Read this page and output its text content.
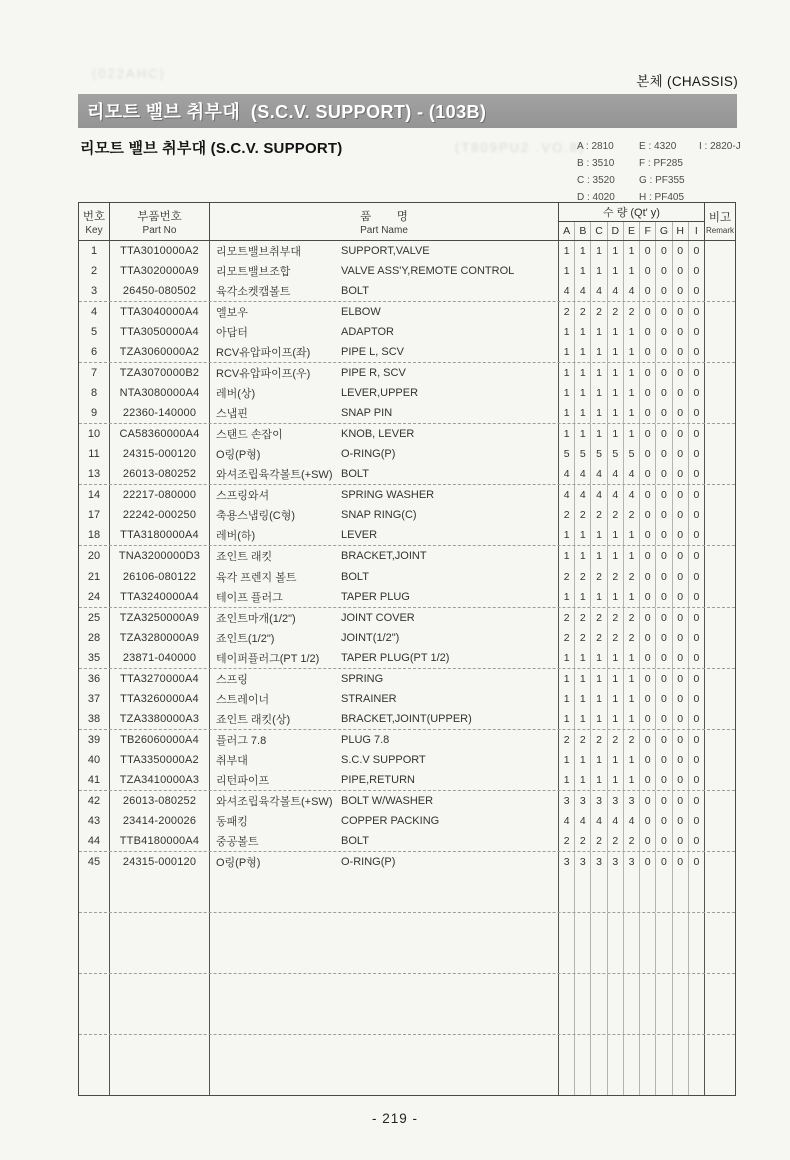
(022AHC)
본체 (CHASSIS)
리모트 밸브 취부대  (S.C.V. SUPPORT) - (103B)
리모트 밸브 취부대 (S.C.V. SUPPORT)	(T809PU2 .VO.8)
A : 2810	E : 4320	I : 2820-J
B : 3510	F : PF285
C : 3520	G : PF355
D : 4020	H : PF405
번호
Key
부품번호
Part No
품        명
Part Name
수 량 (Qt' y)
A B C D E F G H	I
비고
Remark
1	TTA3010000A2	리모트밸브취부대	SUPPORT,VALVE	1 1 1 1 1 0 0 0 0
2	TTA3020000A9	리모트밸브조합	VALVE ASS'Y,REMOTE CONTROL	1 1 1 1 1 0 0 0 0
3	26450-080502	육각소켓캡볼트	BOLT	4 4 4 4 4 0 0 0 0
4	TTA3040000A4	엘보우	ELBOW	2 2 2 2 2 0 0 0 0
5	TTA3050000A4	아답터	ADAPTOR	1 1 1 1 1 0 0 0 0
6	TZA3060000A2	RCV유압파이프(좌)	PIPE L, SCV	1 1 1 1 1 0 0 0 0
7	TZA3070000B2	RCV유압파이프(우)	PIPE R, SCV	1 1 1 1 1 0 0 0 0
8	NTA3080000A4	레버(상)	LEVER,UPPER	1 1 1 1 1 0 0 0 0
9	22360-140000	스냅핀	SNAP PIN	1 1 1 1 1 0 0 0 0
10	CA58360000A4	스탠드 손잡이	KNOB, LEVER	1 1 1 1 1 0 0 0 0
11	24315-000120	O링(P형)	O-RING(P)	5 5 5 5 5 0 0 0 0
13	26013-080252	와셔조립육각볼트(+SW) BOLT	4 4 4 4 4 0 0 0 0
14	22217-080000	스프링와셔	SPRING WASHER	4 4 4 4 4 0 0 0 0
17	22242-000250	축용스냅링(C형)	SNAP RING(C)	2 2 2 2 2 0 0 0 0
18	TTA3180000A4	레버(하)	LEVER	1 1 1 1 1 0 0 0 0
20	TNA3200000D3	죠인트 래킷	BRACKET,JOINT	1 1 1 1 1 0 0 0 0
21	26106-080122	육각 프렌지 볼트	BOLT	2 2 2 2 2 0 0 0 0
24	TTA3240000A4	테이프 플러그	TAPER PLUG	1 1 1 1 1 0 0 0 0
25	TZA3250000A9	죠인트마개(1/2")	JOINT COVER	2 2 2 2 2 0 0 0 0
28	TZA3280000A9	죠인트(1/2")	JOINT(1/2")	2 2 2 2 2 0 0 0 0
35	23871-040000	테이퍼플러그(PT 1/2)	TAPER PLUG(PT 1/2)	1 1 1 1 1 0 0 0 0
36	TTA3270000A4	스프링	SPRING	1 1 1 1 1 0 0 0 0
37	TTA3260000A4	스트레이너	STRAINER	1 1 1 1 1 0 0 0 0
38	TZA3380000A3	죠인트 래킷(상)	BRACKET,JOINT(UPPER)	1 1 1 1 1 0 0 0 0
39	TB26060000A4	플러그 7.8	PLUG 7.8	2 2 2 2 2 0 0 0 0
40	TTA3350000A2	취부대	S.C.V SUPPORT	1 1 1 1 1 0 0 0 0
41	TZA3410000A3	리턴파이프	PIPE,RETURN	1 1 1 1 1 0 0 0 0
42	26013-080252	와셔조립육각볼트(+SW) BOLT W/WASHER	3 3 3 3 3 0 0 0 0
43	23414-200026	동패킹	COPPER PACKING	4 4 4 4 4 0 0 0 0
44	TTB4180000A4	중공볼트	BOLT	2 2 2 2 2 0 0 0 0
45	24315-000120	O링(P형)	O-RING(P)	3 3 3 3 3 0 0 0 0
- 219 -
